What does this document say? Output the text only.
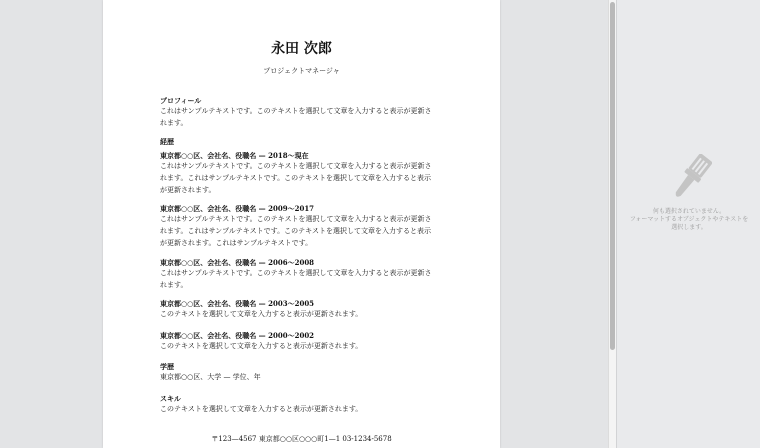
永田 次郎
プロジェクトマネージャ
プロフィール
これはサンプルテキストです。このテキストを選択して文章を入力すると表示が更新さ
れます。
経歴
東京都○○区、会社名、役職名 — 2018〜現在
これはサンプルテキストです。このテキストを選択して文章を入力すると表示が更新さ
れます。これはサンプルテキストです。このテキストを選択して文章を入力すると表示
が更新されます。
東京都○○区、会社名、役職名 — 2009〜2017
これはサンプルテキストです。このテキストを選択して文章を入力すると表示が更新さ
れます。これはサンプルテキストです。このテキストを選択して文章を入力すると表示
が更新されます。これはサンプルテキストです。
東京都○○区、会社名、役職名 — 2006〜2008
これはサンプルテキストです。このテキストを選択して文章を入力すると表示が更新さ
れます。
東京都○○区、会社名、役職名 — 2003〜2005
このテキストを選択して文章を入力すると表示が更新されます。
東京都○○区、会社名、役職名 — 2000〜2002
このテキストを選択して文章を入力すると表示が更新されます。
学歴
東京都○○区、大学 — 学位、年
スキル
このテキストを選択して文章を入力すると表示が更新されます。
〒123—4567 東京都○○区○○○町1—1 03-1234-5678
何も選択されていません。
フォーマットするオブジェクトやテキストを
選択します。
